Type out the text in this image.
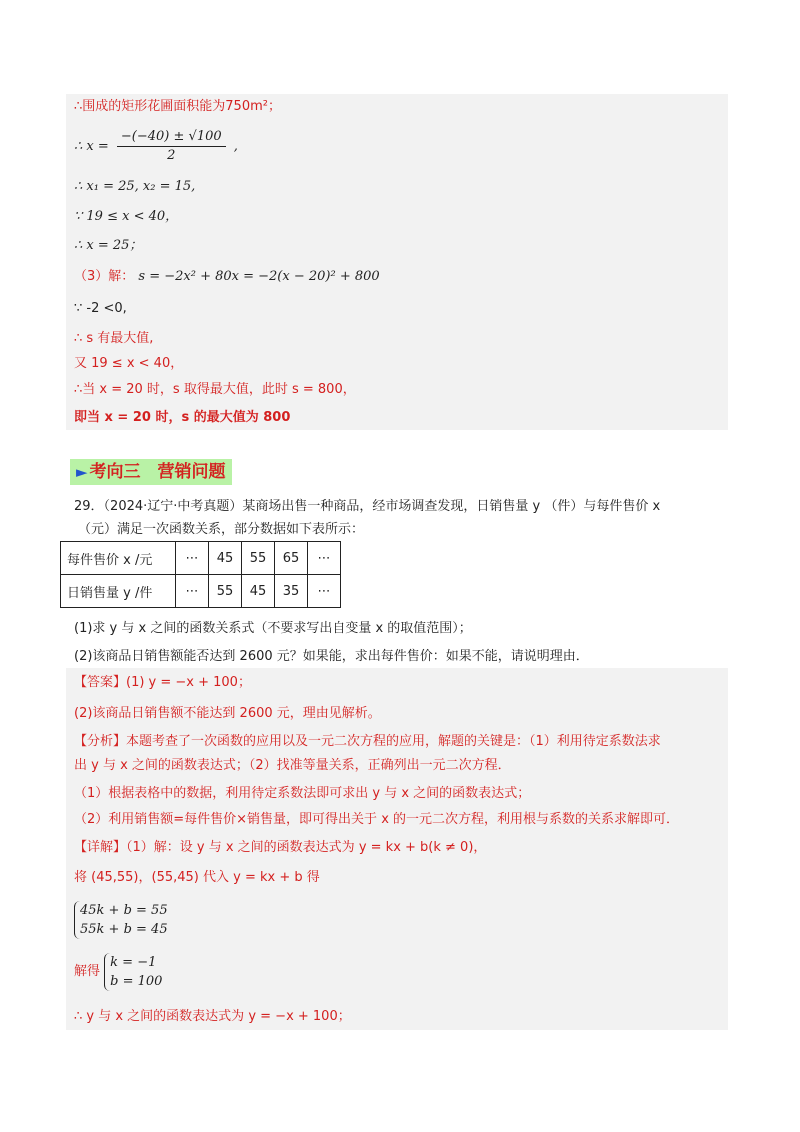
∴围成的矩形花圃面积能为750m²；
∴ $x = \frac{-(-40) \pm √100}{2}$ ,
∴ x₁ = 25, x₂ = 15,
∵ 19 ≤ x < 40，
∴ x = 25；
（3）解： s = −2x² + 80x = −2(x − 20)² + 800
∵ -2 <0,
∴ s 有最大值,
又 19 ≤ x < 40，
∴当 x = 20 时，s 取得最大值，此时 s = 800，
即当 x = 20 时，s 的最大值为 800
► 考向三　营销问题
29．（2024·辽宁·中考真题）某商场出售一种商品，经市场调查发现，日销售量 y （件）与每件售价 x
（元）满足一次函数关系，部分数据如下表所示：
每件售价 x /元	⋯	45	55	65	⋯
日销售量 y /件	⋯	55	45	35	⋯
(1)求 y 与 x 之间的函数关系式（不要求写出自变量 x 的取值范围）；
(2)该商品日销售额能否达到 2600 元？如果能，求出每件售价：如果不能，请说明理由．
【答案】(1) y = −x + 100；
(2)该商品日销售额不能达到 2600 元，理由见解析。
【分析】本题考查了一次函数的应用以及一元二次方程的应用，解题的关键是：（1）利用待定系数法求
出 y 与 x 之间的函数表达式；（2）找准等量关系，正确列出一元二次方程．
（1）根据表格中的数据，利用待定系数法即可求出 y 与 x 之间的函数表达式；
（2）利用销售额=每件售价×销售量，即可得出关于 x 的一元二次方程，利用根与系数的关系求解即可．
【详解】（1）解：设 y 与 x 之间的函数表达式为 y = kx + b(k ≠ 0)，
将 (45,55)，(55,45) 代入 y = kx + b 得
45k + b = 55
55k + b = 45
解得
k = −1
b = 100
∴ y 与 x 之间的函数表达式为 y = −x + 100；
